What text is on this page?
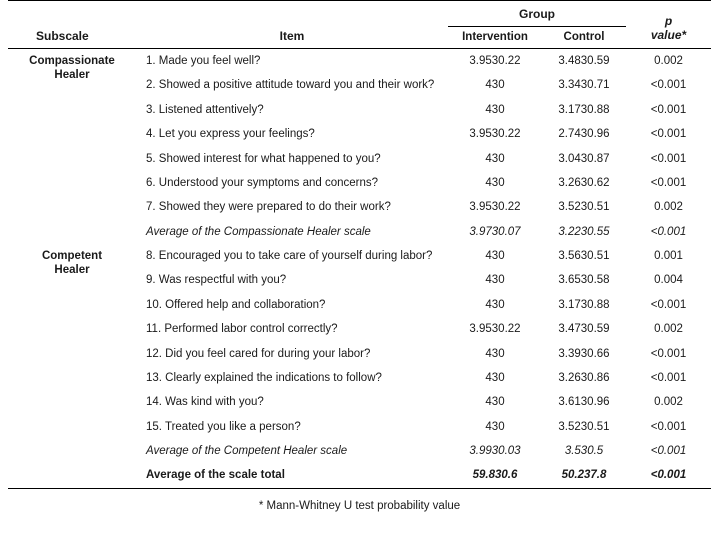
Subscale	Item	Group		p
value*
		Intervention	Control	
Compassionate
Healer	1. Made you feel well?	3.9530.22	3.4830.59	0.002
	2. Showed a positive attitude toward you and their work?	430	3.3430.71	<0.001
	3. Listened attentively?	430	3.1730.88	<0.001
	4. Let you express your feelings?	3.9530.22	2.7430.96	<0.001
	5. Showed interest for what happened to you?	430	3.0430.87	<0.001
	6. Understood your symptoms and concerns?	430	3.2630.62	<0.001
	7. Showed they were prepared to do their work?	3.9530.22	3.5230.51	0.002
	Average of the Compassionate Healer scale	3.9730.07	3.2230.55	<0.001
Competent
Healer	8. Encouraged you to take care of yourself during labor?	430	3.5630.51	0.001
	9. Was respectful with you?	430	3.6530.58	0.004
	10. Offered help and collaboration?	430	3.1730.88	<0.001
	11. Performed labor control correctly?	3.9530.22	3.4730.59	0.002
	12. Did you feel cared for during your labor?	430	3.3930.66	<0.001
	13. Clearly explained the indications to follow?	430	3.2630.86	<0.001
	14. Was kind with you?	430	3.6130.96	0.002
	15. Treated you like a person?	430	3.5230.51	<0.001
	Average of the Competent Healer scale	3.9930.03	3.530.5	<0.001
	Average of the scale total	59.830.6	50.237.8	<0.001
* Mann-Whitney U test probability value
